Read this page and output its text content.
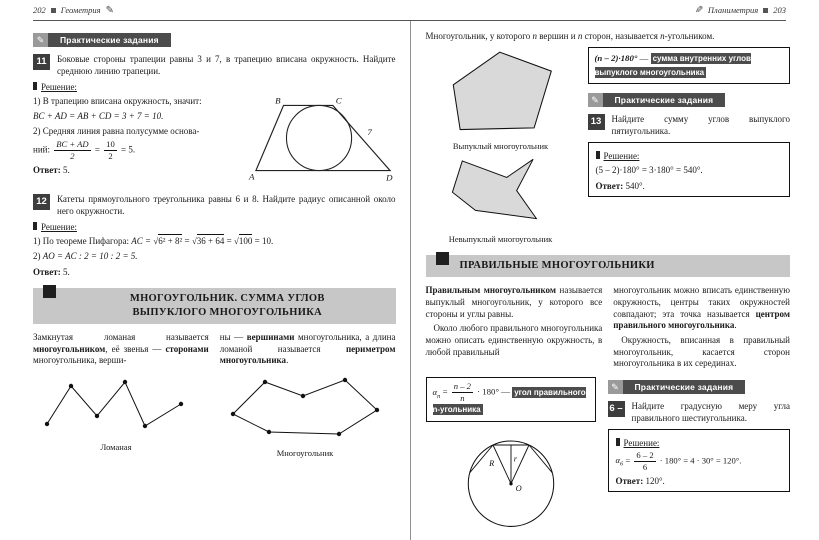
202 Геометрия ✎	✎ Планиметрия 203
✎	Практические задания
11	Боковые стороны трапеции равны 3 и 7, в трапецию вписана окружность. Найдите среднюю линию трапеции.

Решение:
B	C
A	D
7

1) В трапецию вписана окружность, значит:

BC + AD = AB + CD = 3 + 7 = 10.

2) Средняя линия равна полусумме основа-

ний: $\frac{BC + AD}{2} = \frac{10}{2} = 5$.

Ответ: 5.

12	Катеты прямоугольного треугольника равны 6 и 8. Найдите радиус описанной около него окружности.

Решение:

1) По теореме Пифагора: AC = √6² + 8² = √36 + 64 = √100 = 10.

2) AO = AC : 2 = 10 : 2 = 5.

Ответ: 5.

МНОГОУГОЛЬНИК. СУММА УГЛОВ
ВЫПУКЛОГО МНОГОУГОЛЬНИКА

Замкнутая ломаная называется многоугольником, её звенья — сторонами многоугольника, верши-

ны — вершинами многоугольника, а длина ломаной называется периметром многоугольника.

Ломаная
Многоугольник

Многоугольник, у которого n вершин и n сторон, называется n-угольником.

Выпуклый многоугольник
Невыпуклый многоугольник
(n – 2)·180° — сумма внутренних углов выпуклого многоугольника
✎	Практические задания
13	Найдите сумму углов выпуклого пятиугольника.

Решение:

(5 – 2)·180° = 3·180° = 540°.

Ответ: 540°.

ПРАВИЛЬНЫЕ МНОГОУГОЛЬНИКИ

Правильным многоугольником называется выпуклый многоугольник, у которого все стороны и углы равны.

Около любого правильного многоугольника можно описать единственную окружность, в любой правильный

многоугольник можно вписать единственную окружность, центры таких окружностей совпадают; эта точка называется центром правильного многоугольника.

Окружность, вписанная в правильный многоугольник, касается сторон многоугольника в их серединах.

$\alpha_n = \frac{n - 2}{n} \cdot 180^\circ$ — угол правильного n-угольника
R
r
O
✎	Практические задания
6 – 2

Найдите градусную меру угла правильного шестиугольника.

Решение:

$\alpha_6 = \frac{6 - 2}{6} \cdot 180^\circ = 4 \cdot 30^\circ = 120^\circ$.

Ответ: 120°.
